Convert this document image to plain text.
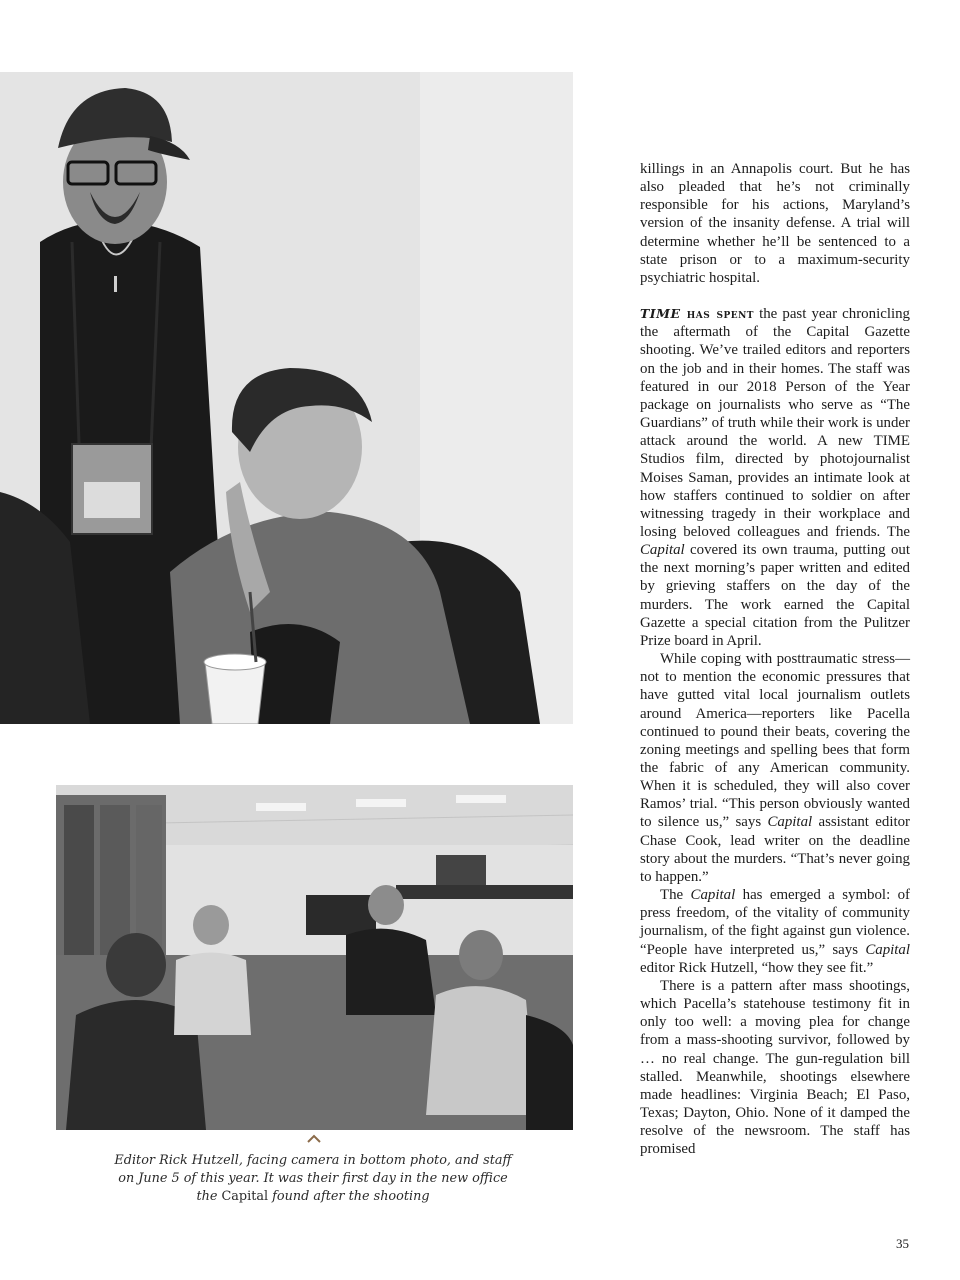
Editor Rick Hutzell, facing camera in bottom photo, and staff on June 5 of this year. It was their first day in the new office the Capital found after the shooting

killings in an Annapolis court. But he has also pleaded that he’s not criminally responsible for his actions, Maryland’s version of the insanity defense. A trial will determine whether he’ll be sentenced to a state prison or to a maximum-security psychiatric hospital.

TIME has spent the past year chronicling the aftermath of the Capital Gazette shooting. We’ve trailed editors and reporters on the job and in their homes. The staff was featured in our 2018 Person of the Year package on journalists who serve as “The Guardians” of truth while their work is under attack around the world. A new TIME Studios film, directed by photojournalist Moises Saman, provides an intimate look at how staffers continued to soldier on after witnessing tragedy in their workplace and losing beloved colleagues and friends. The Capital covered its own trauma, putting out the next morning’s paper written and edited by grieving staffers on the day of the murders. The work earned the Capital Gazette a special citation from the Pulitzer Prize board in April.

While coping with posttraumatic stress—not to mention the economic pressures that have gutted vital local journalism outlets around America—reporters like Pacella continued to pound their beats, covering the zoning meetings and spelling bees that form the fabric of any American community. When it is scheduled, they will also cover Ramos’ trial. “This person obviously wanted to silence us,” says Capital assistant editor Chase Cook, lead writer on the deadline story about the murders. “That’s never going to happen.”

The Capital has emerged a symbol: of press freedom, of the vitality of community journalism, of the fight against gun violence. “People have interpreted us,” says Capital editor Rick Hutzell, “how they see fit.”

There is a pattern after mass shootings, which Pacella’s statehouse testimony fit in only too well: a moving plea for change from a mass-shooting survivor, followed by … no real change. The gun-regulation bill stalled. Meanwhile, shootings elsewhere made headlines: Virginia Beach; El Paso, Texas; Dayton, Ohio. None of it damped the resolve of the newsroom. The staff has promised

35
